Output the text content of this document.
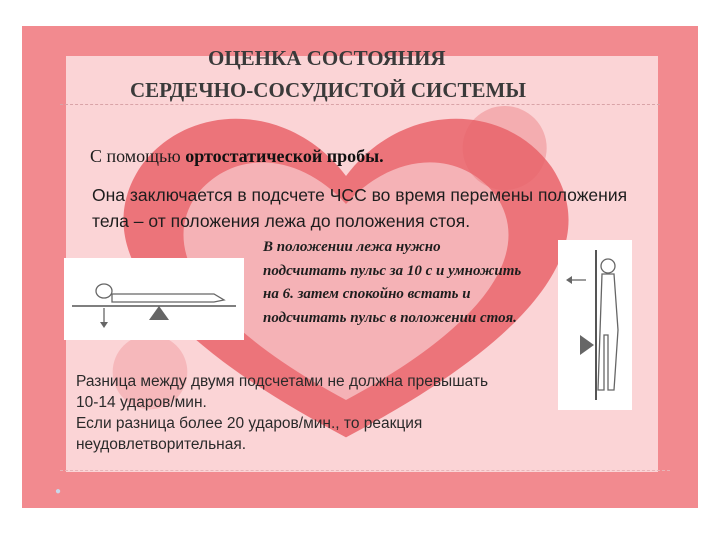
ОЦЕНКА СОСТОЯНИЯ
СЕРДЕЧНО-СОСУДИСТОЙ СИСТЕМЫ
С помощью ортостатической пробы.
Она заключается в подсчете ЧСС во время перемены положения тела – от положения лежа до положения стоя.
В положении лежа нужно подсчитать пульс за 10 с и умножить на 6. затем спокойно встать и подсчитать пульс в положении стоя.
Разница между двумя подсчетами не должна превышать
10-14 ударов/мин.
Если разница более 20 ударов/мин., то реакция
неудовлетворительная.
●
